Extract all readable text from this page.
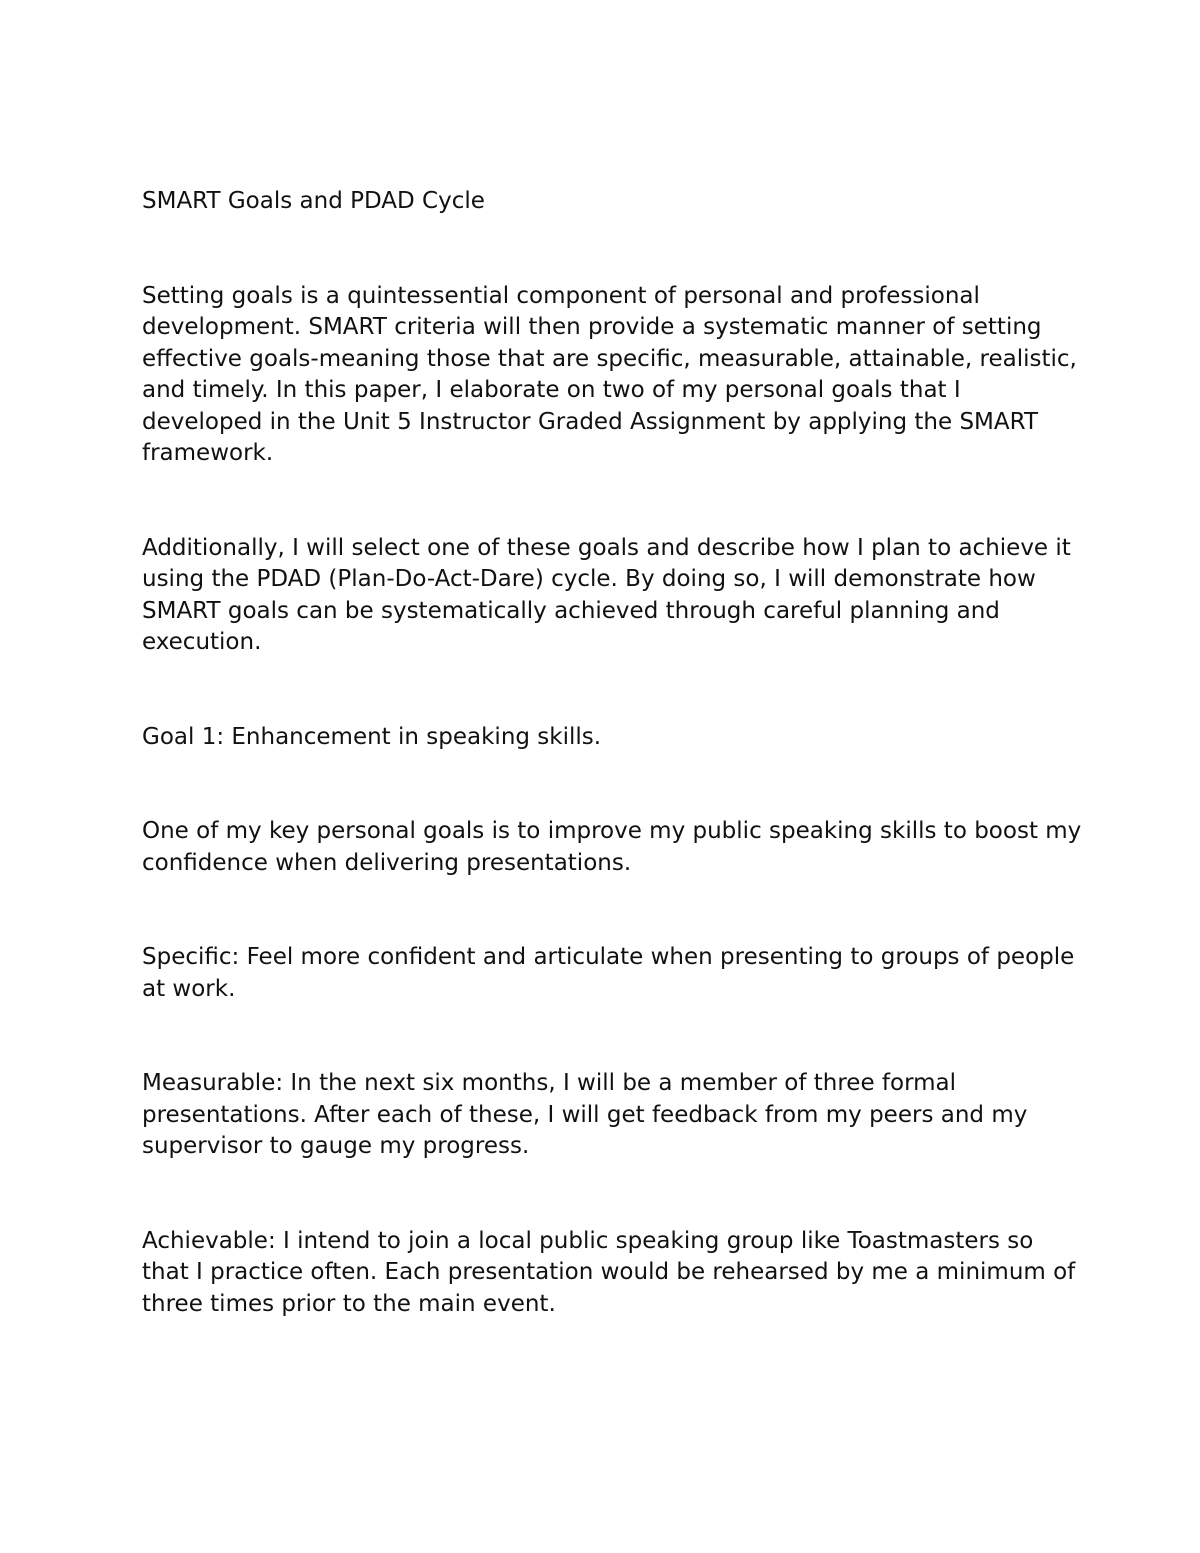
SMART Goals and PDAD Cycle

Setting goals is a quintessential component of personal and professional development. SMART criteria will then provide a systematic manner of setting effective goals-meaning those that are specific, measurable, attainable, realistic, and timely. In this paper, I elaborate on two of my personal goals that I developed in the Unit 5 Instructor Graded Assignment by applying the SMART framework.

Additionally, I will select one of these goals and describe how I plan to achieve it using the PDAD (Plan-Do-Act-Dare) cycle. By doing so, I will demonstrate how SMART goals can be systematically achieved through careful planning and execution.

Goal 1: Enhancement in speaking skills.

One of my key personal goals is to improve my public speaking skills to boost my confidence when delivering presentations.

Specific: Feel more confident and articulate when presenting to groups of people at work.

Measurable: In the next six months, I will be a member of three formal presentations. After each of these, I will get feedback from my peers and my supervisor to gauge my progress.

Achievable: I intend to join a local public speaking group like Toastmasters so that I practice often. Each presentation would be rehearsed by me a minimum of three times prior to the main event.
